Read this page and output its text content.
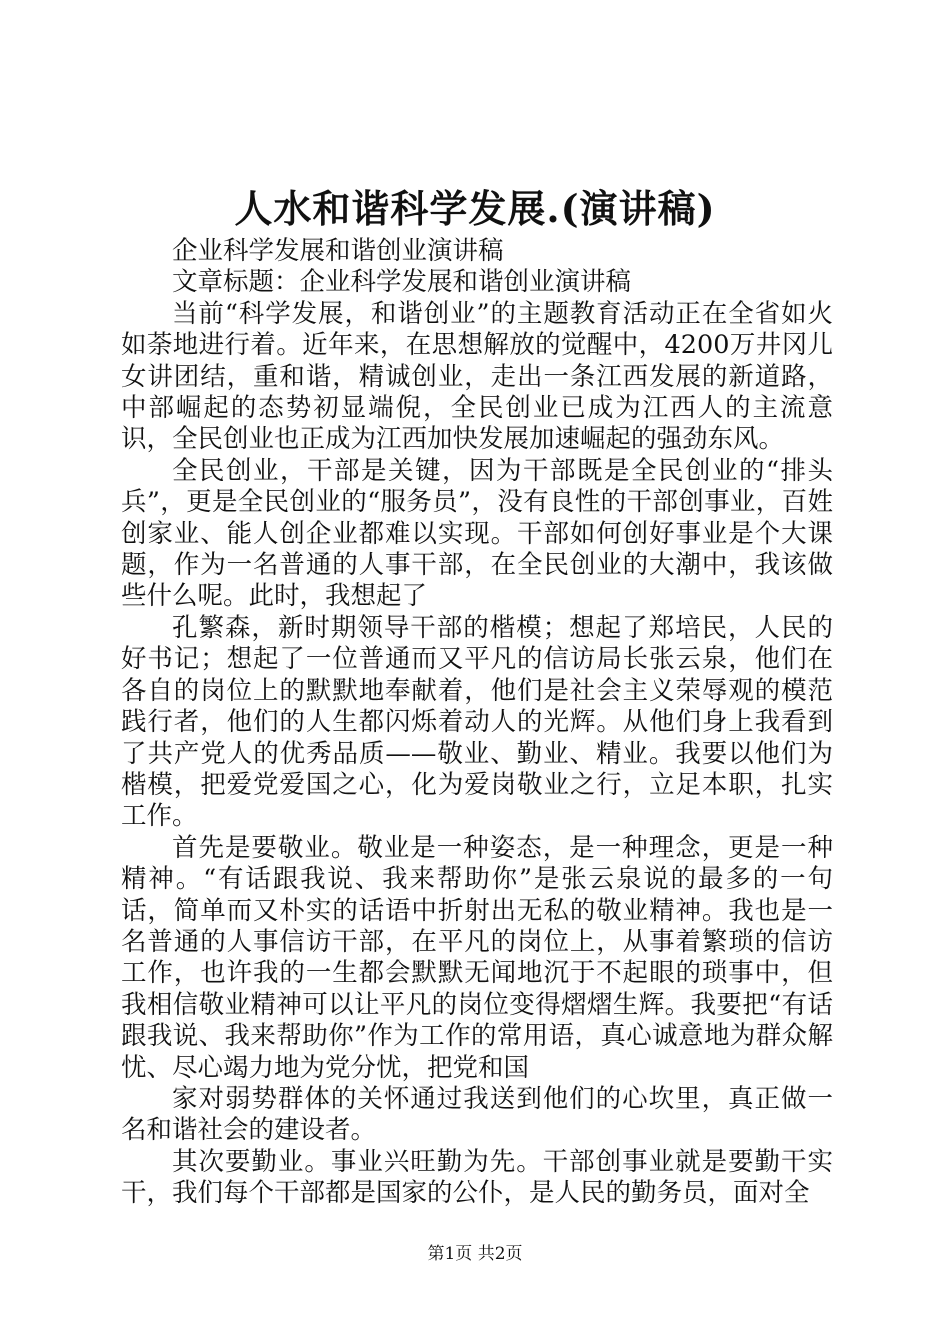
人水和谐科学发展.(演讲稿)

企业科学发展和谐创业演讲稿

文章标题：企业科学发展和谐创业演讲稿

当前“科学发展，和谐创业”的主题教育活动正在全省如火如荼地进行着。近年来，在思想解放的觉醒中，4200万井冈儿女讲团结，重和谐，精诚创业，走出一条江西发展的新道路，中部崛起的态势初显端倪，全民创业已成为江西人的主流意识，全民创业也正成为江西加快发展加速崛起的强劲东风。

全民创业，干部是关键，因为干部既是全民创业的“排头兵”，更是全民创业的“服务员”，没有良性的干部创事业，百姓创家业、能人创企业都难以实现。干部如何创好事业是个大课题，作为一名普通的人事干部，在全民创业的大潮中，我该做些什么呢。此时，我想起了

孔繁森，新时期领导干部的楷模；想起了郑培民，人民的好书记；想起了一位普通而又平凡的信访局长张云泉，他们在各自的岗位上的默默地奉献着，他们是社会主义荣辱观的模范践行者，他们的人生都闪烁着动人的光辉。从他们身上我看到了共产党人的优秀品质——敬业、勤业、精业。我要以他们为楷模，把爱党爱国之心，化为爱岗敬业之行，立足本职，扎实工作。

首先是要敬业。敬业是一种姿态，是一种理念，更是一种精神。“有话跟我说、我来帮助你”是张云泉说的最多的一句话，简单而又朴实的话语中折射出无私的敬业精神。我也是一名普通的人事信访干部，在平凡的岗位上，从事着繁琐的信访工作，也许我的一生都会默默无闻地沉于不起眼的琐事中，但我相信敬业精神可以让平凡的岗位变得熠熠生辉。我要把“有话跟我说、我来帮助你”作为工作的常用语，真心诚意地为群众解忧、尽心竭力地为党分忧，把党和国

家对弱势群体的关怀通过我送到他们的心坎里，真正做一名和谐社会的建设者。

其次要勤业。事业兴旺勤为先。干部创事业就是要勤干实干，我们每个干部都是国家的公仆，是人民的勤务员，面对全

第1页 共2页
